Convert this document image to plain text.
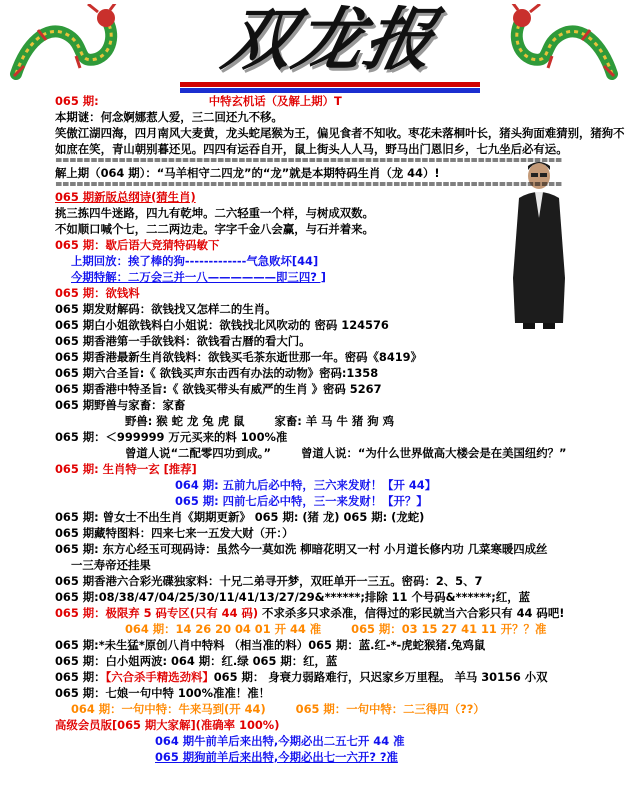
双龙报
065 期:	中特玄机话（及解上期）T
本期谜：何念婀娜惹人爱，三二回还九不移。
笑傲江湖四海，四月南风大麦黄，龙头蛇尾猴为王，偏见食者不知收。枣花未落桐叶长，猪头狗面难猜别，猪狗不如庶在笑，青山朝别暮还见。四四有运吞自开，鼠上街头人人马，野马出门恩旧乡，七九坐后必有运。
========================================================================
解上期（064 期）：“马羊相守二四龙”的“龙”就是本期特码生肖（龙 44）!
========================================================================
065 期新版总纲诗(猜生肖)
挑三拣四牛迷路，四九有乾坤。二六轻重一个样，与树成双数。
不如顺口喊个七，二二两边走。字字千金八会赢，与石并着来。
065 期：歇后语大竞猜特码敏下
上期回放：挨了棒的狗-------------气急败坏[44]
今期特解：二万会三并一八——————即三四? ]
065 期：欲钱料
065 期发财解码：欲钱找又怎样二的生肖。
065 期白小姐欲钱料白小姐说：欲钱找北风吹动的 密码 124576
065 期香港第一手欲钱料：欲钱看古暦的看大门。
065 期香港最新生肖欲钱料：欲钱买毛茶东逝世那一年。密码《8419》
065 期六合圣旨:《 欲钱买声东击西有办法的动物》密码:1358
065 期香港中特圣旨:《 欲钱买带头有威严的生肖 》密码 5267
065 期野兽与家畜：家畜
野兽: 猴 蛇 龙 兔 虎 鼠	家畜: 羊 马 牛 猪 狗 鸡
065 期：＜999999 万元买来的料 100%准
曾道人说“二配零四功到成。”	曾道人说：“为什么世界做高大楼会是在美国纽约？”
065 期: 生肖特一玄 [推荐]
064 期: 五前九后必中特，三六来发财！【开 44】
065 期: 四前七后必中特，三一来发财！【开？】
065 期: 曾女士不出生肖《期期更新》 065 期: (猪 龙) 065 期: (龙蛇)
065 期藏特图料：四来七来一五发大财（开：）
065 期: 东方心经玉可现码诗：虽然今一莫如洗 柳暗花明又一村 小月道长修内功 几菜寒暖四成丝
一三寿帝还挂果
065 期香港六合彩光碟独家料：十兄二弟寻开梦，双旺单开一三五。密码：2、5、7
065 期:08/38/47/04/25/30/11/41/13/27/29&******;排除 11 个号码&******;红，蓝
065 期：极限弃 5 码专区(只有 44 码) 不求杀多只求杀准，信得过的彩民就当六合彩只有 44 码吧!
064 期：14 26 20 04 01 开 44 准	065 期：03 15 27 41 11 开？？准
065 期:*未生猛*原创八肖中特料 （相当准的料）065 期：蓝.红-*-虎蛇猴猪.兔鸡鼠
065 期：白小姐两波: 064 期：红.绿 065 期：红，蓝
065 期：【六合杀手精选劲料】065 期： 身衰力弱路难行，只迟家乡万里程。 羊马 30156 小双
065 期：七娘一句中特 100%准准！准！
064 期：一句中特：牛来马到(开 44)	065 期：一句中特：二三得四（??）
高级会员版[065 期大家解](准确率 100%)
064 期牛前羊后来出特,今期必出二五七开 44 准
065 期狗前羊后来出特,今期必出七一六开? ?准
